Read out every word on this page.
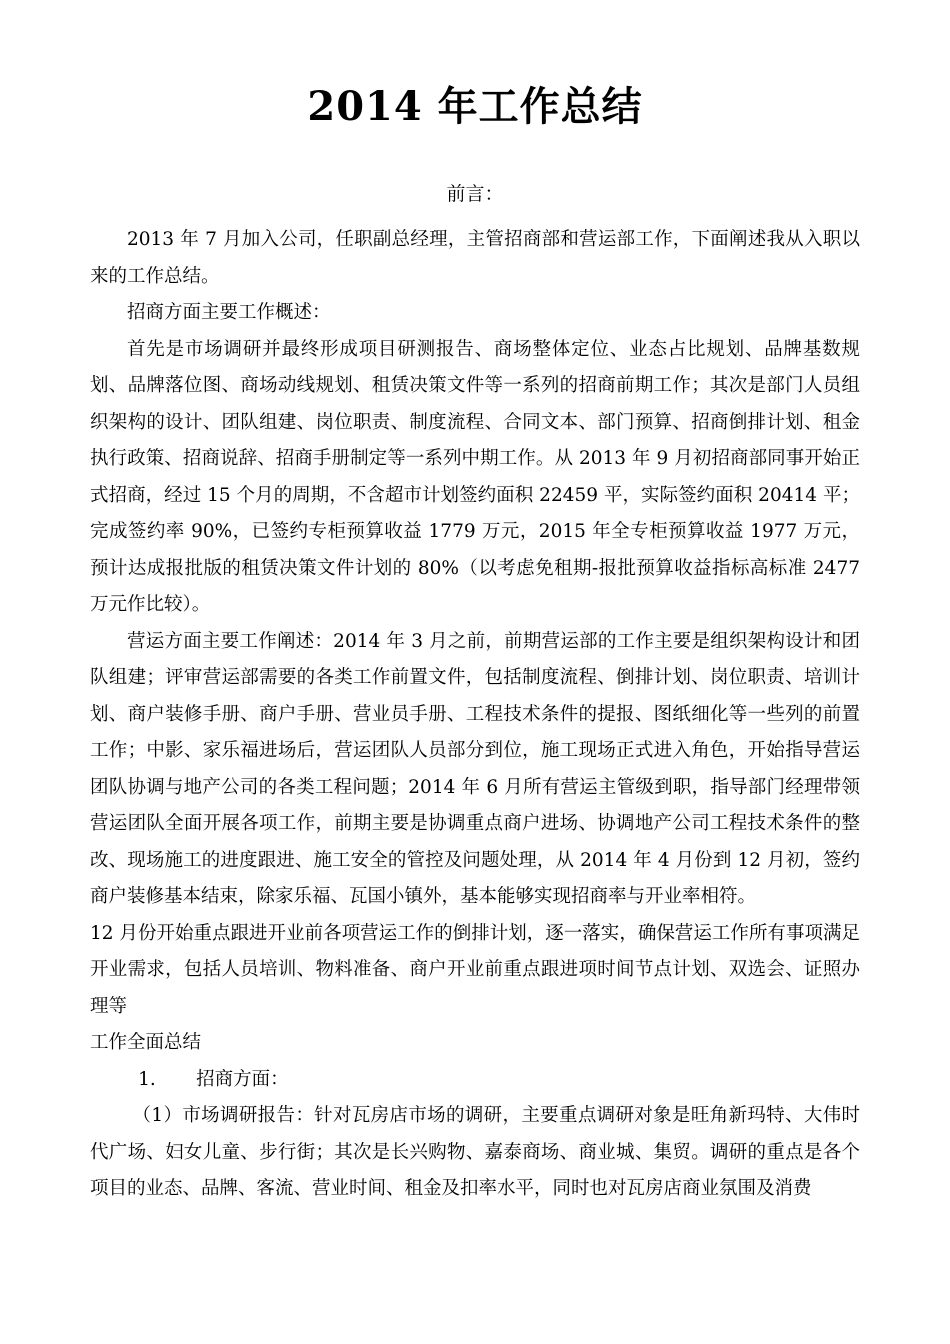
2014 年工作总结
前言：

2013 年 7 月加入公司，任职副总经理，主管招商部和营运部工作，下面阐述我从入职以来的工作总结。

招商方面主要工作概述：

首先是市场调研并最终形成项目研测报告、商场整体定位、业态占比规划、品牌基数规划、品牌落位图、商场动线规划、租赁决策文件等一系列的招商前期工作；其次是部门人员组织架构的设计、团队组建、岗位职责、制度流程、合同文本、部门预算、招商倒排计划、租金执行政策、招商说辞、招商手册制定等一系列中期工作。从 2013 年 9 月初招商部同事开始正式招商，经过 15 个月的周期，不含超市计划签约面积 22459 平，实际签约面积 20414 平；完成签约率 90%，已签约专柜预算收益 1779 万元，2015 年全专柜预算收益 1977 万元，预计达成报批版的租赁决策文件计划的 80%（以考虑免租期-报批预算收益指标高标准 2477 万元作比较）。

营运方面主要工作阐述：2014 年 3 月之前，前期营运部的工作主要是组织架构设计和团队组建；评审营运部需要的各类工作前置文件，包括制度流程、倒排计划、岗位职责、培训计划、商户装修手册、商户手册、营业员手册、工程技术条件的提报、图纸细化等一些列的前置工作；中影、家乐福进场后，营运团队人员部分到位，施工现场正式进入角色，开始指导营运团队协调与地产公司的各类工程问题；2014 年 6 月所有营运主管级到职，指导部门经理带领营运团队全面开展各项工作，前期主要是协调重点商户进场、协调地产公司工程技术条件的整改、现场施工的进度跟进、施工安全的管控及问题处理，从 2014 年 4 月份到 12 月初，签约商户装修基本结束，除家乐福、瓦国小镇外，基本能够实现招商率与开业率相符。

12 月份开始重点跟进开业前各项营运工作的倒排计划，逐一落实，确保营运工作所有事项满足开业需求，包括人员培训、物料准备、商户开业前重点跟进项时间节点计划、双选会、证照办理等

工作全面总结

1. 招商方面：

（1）市场调研报告：针对瓦房店市场的调研，主要重点调研对象是旺角新玛特、大伟时代广场、妇女儿童、步行街；其次是长兴购物、嘉泰商场、商业城、集贸。调研的重点是各个项目的业态、品牌、客流、营业时间、租金及扣率水平，同时也对瓦房店商业氛围及消费
